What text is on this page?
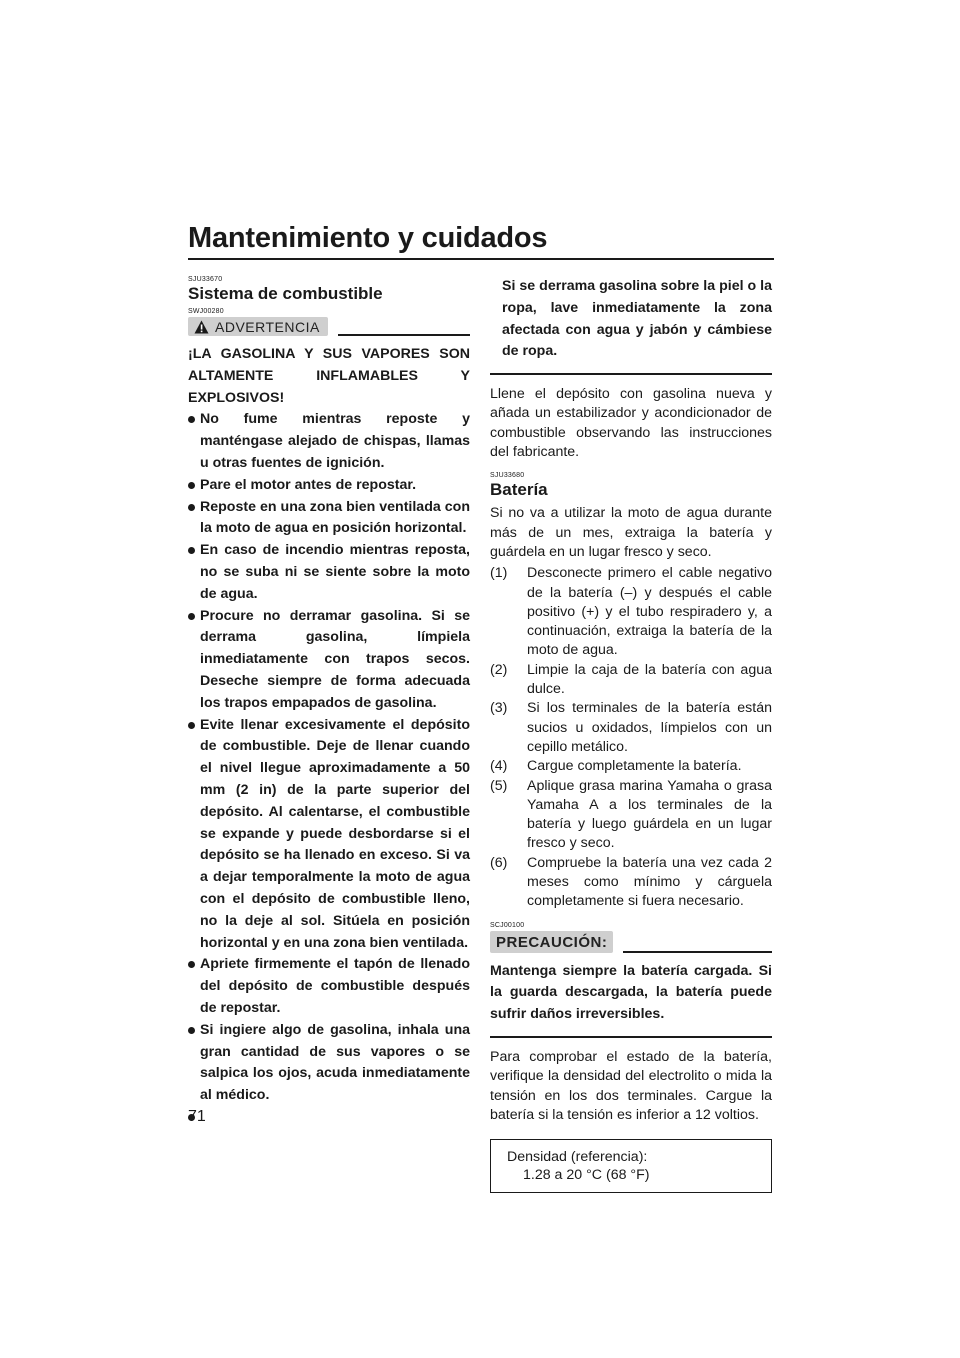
Mantenimiento y cuidados

SJU33670

Sistema de combustible

SWJ00280

ADVERTENCIA

¡LA GASOLINA Y SUS VAPORES SON ALTAMENTE INFLAMABLES Y EXPLOSIVOS!

No fume mientras reposte y manténgase alejado de chispas, llamas u otras fuentes de ignición.
Pare el motor antes de repostar.
Reposte en una zona bien ventilada con la moto de agua en posición horizontal.
En caso de incendio mientras reposta, no se suba ni se siente sobre la moto de agua.
Procure no derramar gasolina. Si se derrama gasolina, límpiela inmediatamente con trapos secos. Deseche siempre de forma adecuada los trapos empapados de gasolina.
Evite llenar excesivamente el depósito de combustible. Deje de llenar cuando el nivel llegue aproximadamente a 50 mm (2 in) de la parte superior del depósito. Al calentarse, el combustible se expande y puede desbordarse si el depósito se ha llenado en exceso. Si va a dejar temporalmente la moto de agua con el depósito de combustible lleno, no la deje al sol. Sitúela en posición horizontal y en una zona bien ventilada.
Apriete firmemente el tapón de llenado del depósito de combustible después de repostar.
Si ingiere algo de gasolina, inhala una gran cantidad de sus vapores o se salpica los ojos, acuda inmediatamente al médico.

Si se derrama gasolina sobre la piel o la ropa, lave inmediatamente la zona afectada con agua y jabón y cámbiese de ropa.

Llene el depósito con gasolina nueva y añada un estabilizador y acondicionador de combustible observando las instrucciones del fabricante.

SJU33680

Batería

Si no va a utilizar la moto de agua durante más de un mes, extraiga la batería y guárdela en un lugar fresco y seco.

(1) Desconecte primero el cable negativo de la batería (–) y después el cable positivo (+) y el tubo respiradero y, a continuación, extraiga la batería de la moto de agua.
(2) Limpie la caja de la batería con agua dulce.
(3) Si los terminales de la batería están sucios u oxidados, límpielos con un cepillo metálico.
(4) Cargue completamente la batería.
(5) Aplique grasa marina Yamaha o grasa Yamaha A a los terminales de la batería y luego guárdela en un lugar fresco y seco.
(6) Compruebe la batería una vez cada 2 meses como mínimo y cárguela completamente si fuera necesario.

SCJ00100

PRECAUCIÓN:

Mantenga siempre la batería cargada. Si la guarda descargada, la batería puede sufrir daños irreversibles.

Para comprobar el estado de la batería, verifique la densidad del electrolito o mida la tensión en los dos terminales. Cargue la batería si la tensión es inferior a 12 voltios.

Densidad (referencia):
1.28 a 20 °C (68 °F)
71
